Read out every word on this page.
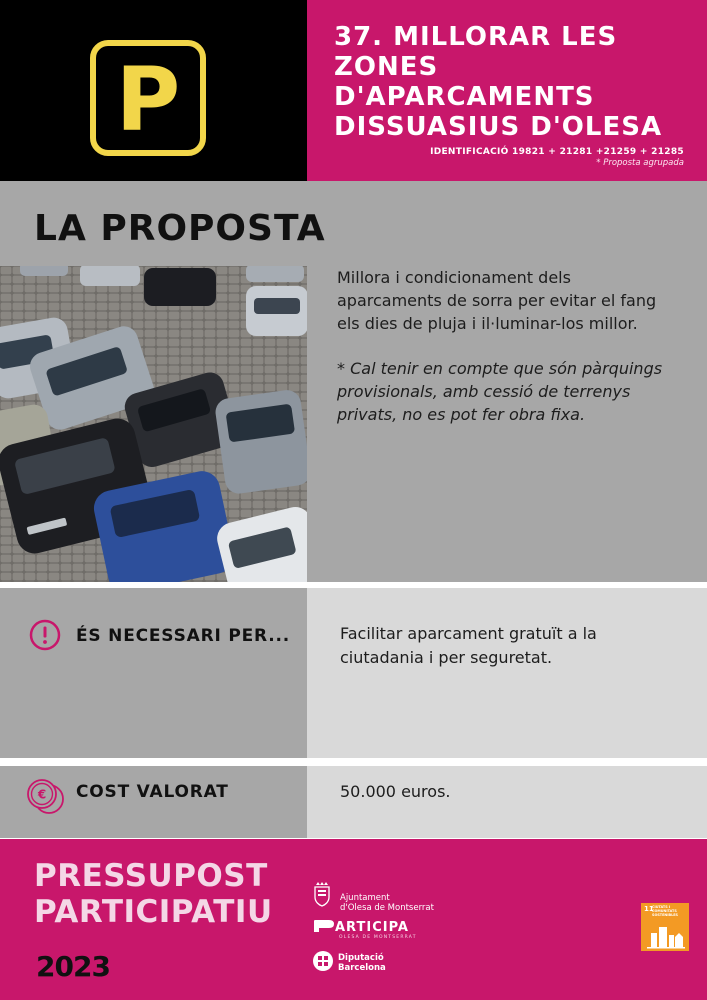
P
37. MILLORAR LES
ZONES D'APARCAMENTS
DISSUASIUS D'OLESA
IDENTIFICACIÓ 19821 + 21281 +21259 + 21285
* Proposta agrupada
LA PROPOSTA
Millora i condicionament dels aparcaments de sorra per evitar el fang els dies de pluja i il·luminar-los millor.
* Cal tenir en compte que són pàrquings provisionals, amb cessió de terrenys privats, no es pot fer obra fixa.
ÉS NECESSARI PER...	Facilitar aparcament gratuït a la ciutadania i per seguretat.
€ COST VALORAT	50.000 euros.
PRESSUPOST
PARTICIPATIU
2023
Ajuntament
d'Olesa de Montserrat
ARTICIPA
OLESA DE MONTSERRAT
Diputació
Barcelona
11
CIUTATS I
COMUNITATS
SOSTENIBLES
